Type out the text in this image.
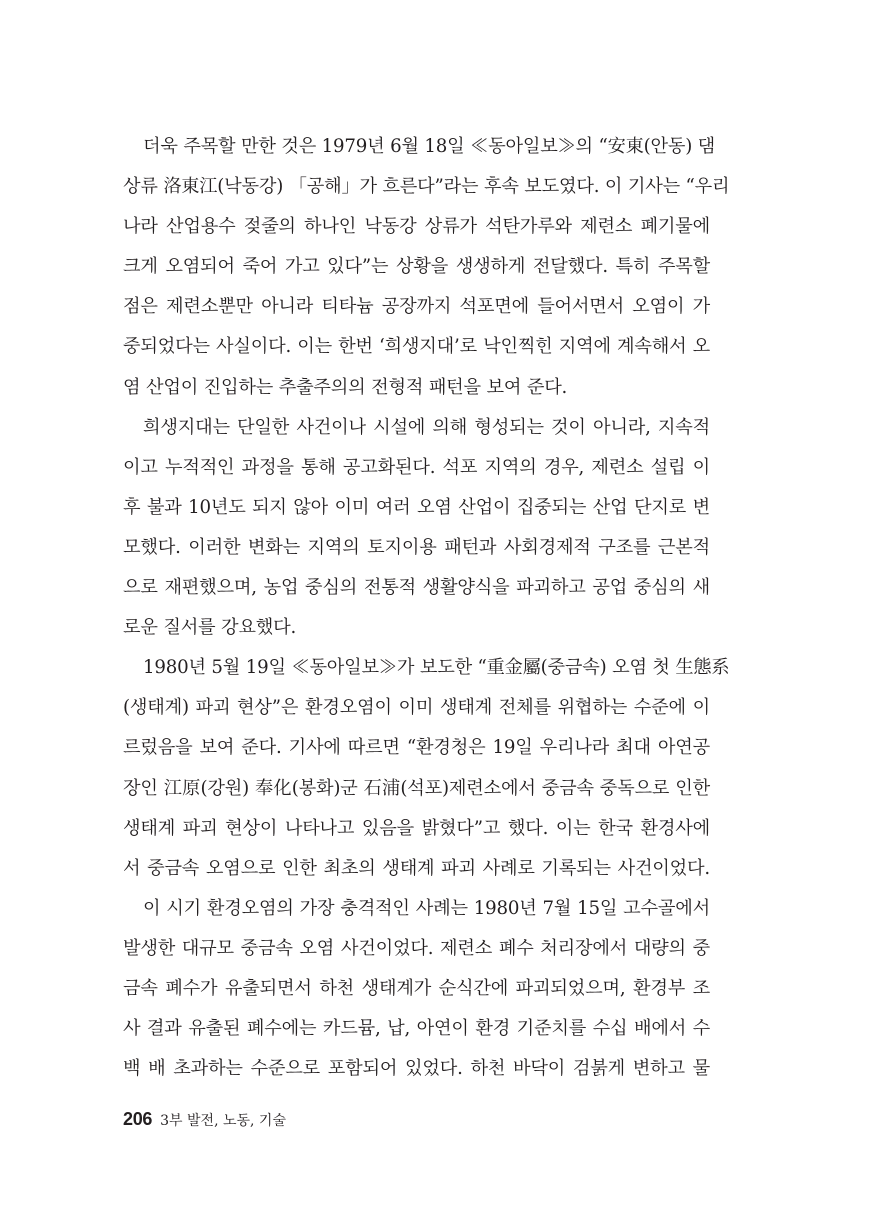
더욱 주목할 만한 것은 1979년 6월 18일 ≪동아일보≫의 “安東(안동) 댐
상류 洛東江(낙동강) 「공해」가 흐른다”라는 후속 보도였다. 이 기사는 “우리
나라 산업용수 젖줄의 하나인 낙동강 상류가 석탄가루와 제련소 폐기물에
크게 오염되어 죽어 가고 있다”는 상황을 생생하게 전달했다. 특히 주목할
점은 제련소뿐만 아니라 티타늄 공장까지 석포면에 들어서면서 오염이 가
중되었다는 사실이다. 이는 한번 ‘희생지대’로 낙인찍힌 지역에 계속해서 오
염 산업이 진입하는 추출주의의 전형적 패턴을 보여 준다.
희생지대는 단일한 사건이나 시설에 의해 형성되는 것이 아니라, 지속적
이고 누적적인 과정을 통해 공고화된다. 석포 지역의 경우, 제련소 설립 이
후 불과 10년도 되지 않아 이미 여러 오염 산업이 집중되는 산업 단지로 변
모했다. 이러한 변화는 지역의 토지이용 패턴과 사회경제적 구조를 근본적
으로 재편했으며, 농업 중심의 전통적 생활양식을 파괴하고 공업 중심의 새
로운 질서를 강요했다.
1980년 5월 19일 ≪동아일보≫가 보도한 “重金屬(중금속) 오염 첫 生態系
(생태계) 파괴 현상”은 환경오염이 이미 생태계 전체를 위협하는 수준에 이
르렀음을 보여 준다. 기사에 따르면 “환경청은 19일 우리나라 최대 아연공
장인 江原(강원) 奉化(봉화)군 石浦(석포)제련소에서 중금속 중독으로 인한
생태계 파괴 현상이 나타나고 있음을 밝혔다”고 했다. 이는 한국 환경사에
서 중금속 오염으로 인한 최초의 생태계 파괴 사례로 기록되는 사건이었다.
이 시기 환경오염의 가장 충격적인 사례는 1980년 7월 15일 고수골에서
발생한 대규모 중금속 오염 사건이었다. 제련소 폐수 처리장에서 대량의 중
금속 폐수가 유출되면서 하천 생태계가 순식간에 파괴되었으며, 환경부 조
사 결과 유출된 폐수에는 카드뮴, 납, 아연이 환경 기준치를 수십 배에서 수
백 배 초과하는 수준으로 포함되어 있었다. 하천 바닥이 검붉게 변하고 물
206 3부 발전, 노동, 기술
